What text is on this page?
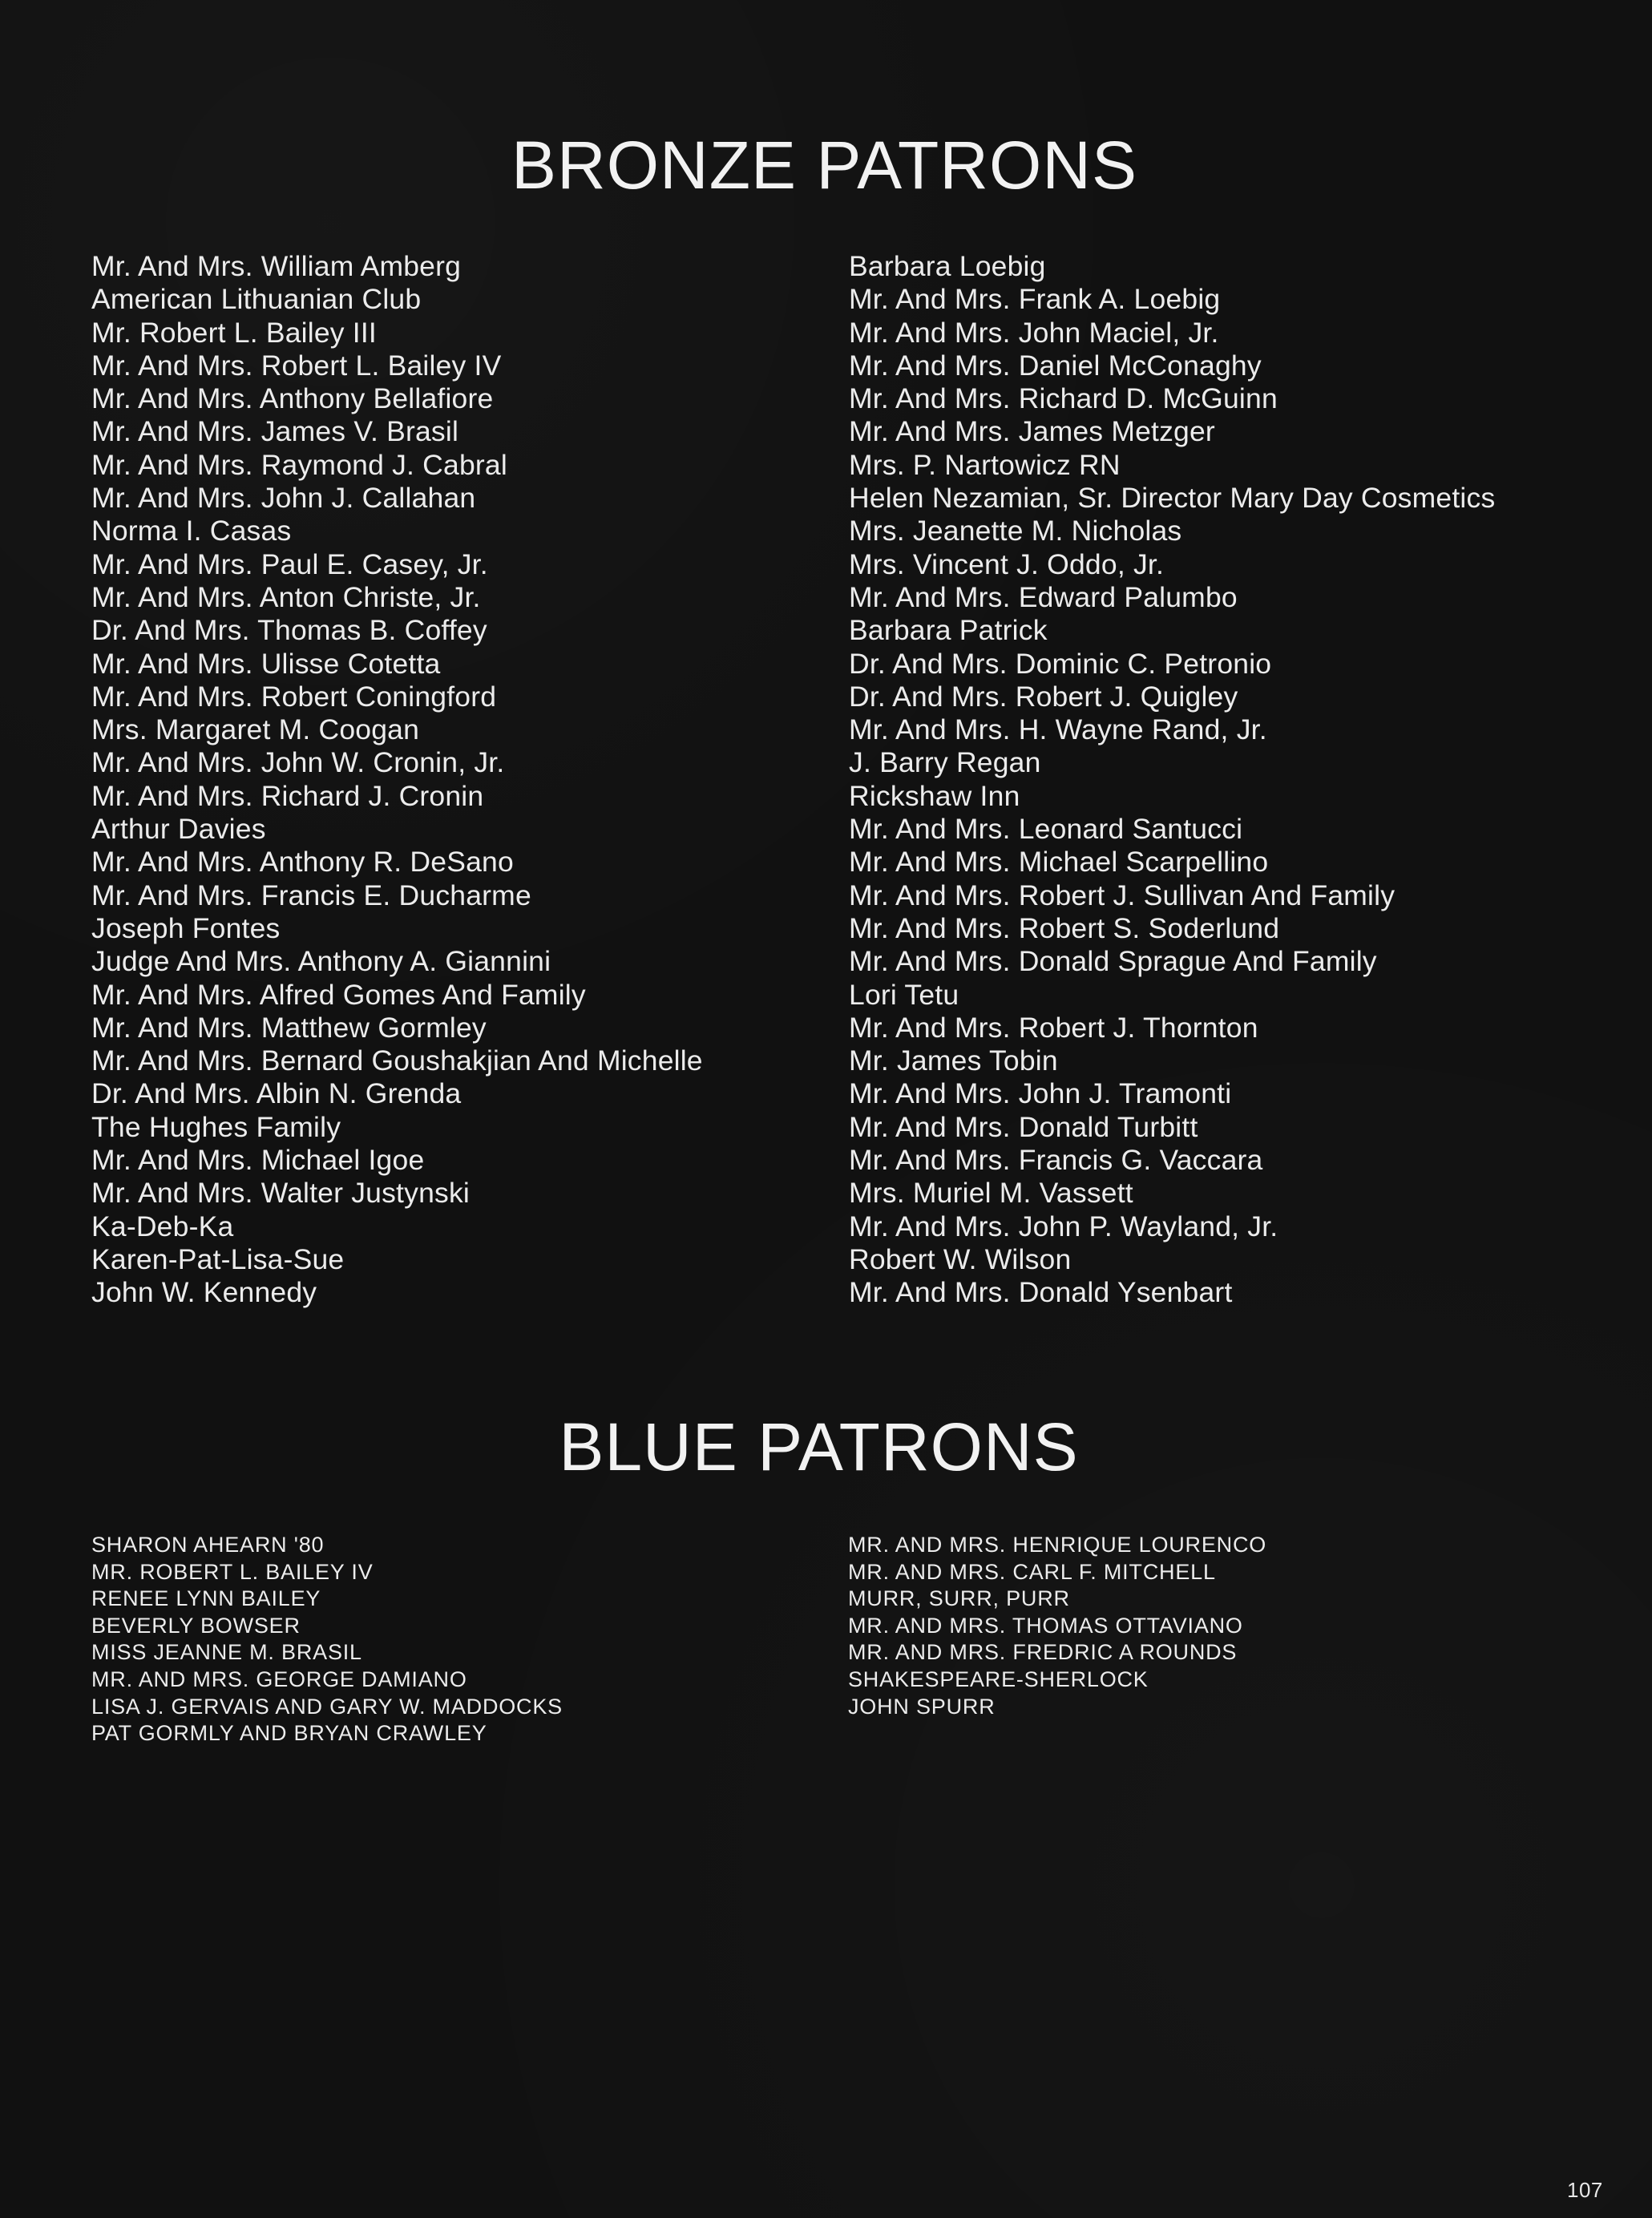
BRONZE PATRONS
Mr. And Mrs. William Amberg
American Lithuanian Club
Mr. Robert L. Bailey III
Mr. And Mrs. Robert L. Bailey IV
Mr. And Mrs. Anthony Bellafiore
Mr. And Mrs. James V. Brasil
Mr. And Mrs. Raymond J. Cabral
Mr. And Mrs. John J. Callahan
Norma I. Casas
Mr. And Mrs. Paul E. Casey, Jr.
Mr. And Mrs. Anton Christe, Jr.
Dr. And Mrs. Thomas B. Coffey
Mr. And Mrs. Ulisse Cotetta
Mr. And Mrs. Robert Coningford
Mrs. Margaret M. Coogan
Mr. And Mrs. John W. Cronin, Jr.
Mr. And Mrs. Richard J. Cronin
Arthur Davies
Mr. And Mrs. Anthony R. DeSano
Mr. And Mrs. Francis E. Ducharme
Joseph Fontes
Judge And Mrs. Anthony A. Giannini
Mr. And Mrs. Alfred Gomes And Family
Mr. And Mrs. Matthew Gormley
Mr. And Mrs. Bernard Goushakjian And Michelle
Dr. And Mrs. Albin N. Grenda
The Hughes Family
Mr. And Mrs. Michael Igoe
Mr. And Mrs. Walter Justynski
Ka-Deb-Ka
Karen-Pat-Lisa-Sue
John W. Kennedy
Barbara Loebig
Mr. And Mrs. Frank A. Loebig
Mr. And Mrs. John Maciel, Jr.
Mr. And Mrs. Daniel McConaghy
Mr. And Mrs. Richard D. McGuinn
Mr. And Mrs. James Metzger
Mrs. P. Nartowicz RN
Helen Nezamian, Sr. Director Mary Day Cosmetics
Mrs. Jeanette M. Nicholas
Mrs. Vincent J. Oddo, Jr.
Mr. And Mrs. Edward Palumbo
Barbara Patrick
Dr. And Mrs. Dominic C. Petronio
Dr. And Mrs. Robert J. Quigley
Mr. And Mrs. H. Wayne Rand, Jr.
J. Barry Regan
Rickshaw Inn
Mr. And Mrs. Leonard Santucci
Mr. And Mrs. Michael Scarpellino
Mr. And Mrs. Robert J. Sullivan And Family
Mr. And Mrs. Robert S. Soderlund
Mr. And Mrs. Donald Sprague And Family
Lori Tetu
Mr. And Mrs. Robert J. Thornton
Mr. James Tobin
Mr. And Mrs. John J. Tramonti
Mr. And Mrs. Donald Turbitt
Mr. And Mrs. Francis G. Vaccara
Mrs. Muriel M. Vassett
Mr. And Mrs. John P. Wayland, Jr.
Robert W. Wilson
Mr. And Mrs. Donald Ysenbart
BLUE PATRONS
SHARON AHEARN '80
MR. ROBERT L. BAILEY IV
RENEE LYNN BAILEY
BEVERLY BOWSER
MISS JEANNE M. BRASIL
MR. AND MRS. GEORGE DAMIANO
LISA J. GERVAIS AND GARY W. MADDOCKS
PAT GORMLY AND BRYAN CRAWLEY
MR. AND MRS. HENRIQUE LOURENCO
MR. AND MRS. CARL F. MITCHELL
MURR, SURR, PURR
MR. AND MRS. THOMAS OTTAVIANO
MR. AND MRS. FREDRIC A ROUNDS
SHAKESPEARE-SHERLOCK
JOHN SPURR
107
